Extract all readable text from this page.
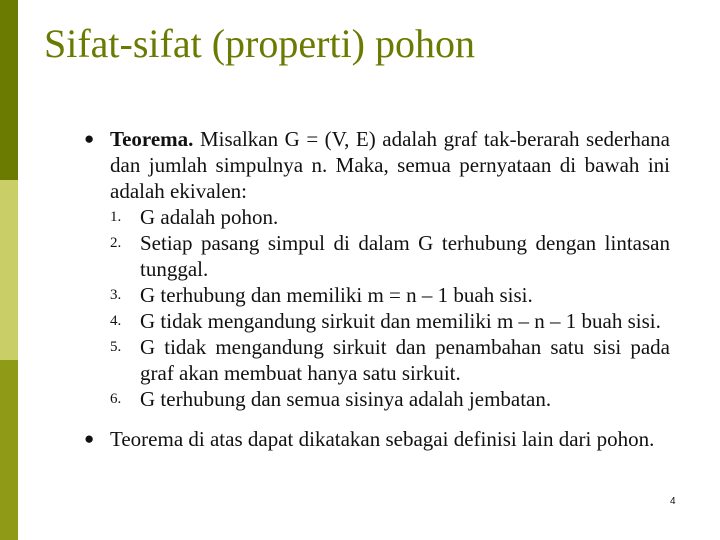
Sifat-sifat (properti) pohon
● Teorema. Misalkan G = (V, E) adalah graf tak-berarah sederhana dan jumlah simpulnya n. Maka, semua pernyataan di bawah ini adalah ekivalen:

1. G adalah pohon.

2. Setiap pasang simpul di dalam G terhubung dengan lintasan tunggal.

3. G terhubung dan memiliki m = n – 1 buah sisi.

4. G tidak mengandung sirkuit dan memiliki m – n – 1 buah sisi.

5. G tidak mengandung sirkuit dan penambahan satu sisi pada graf akan membuat hanya satu sirkuit.

6. G terhubung dan semua sisinya adalah jembatan.

● Teorema di atas dapat dikatakan sebagai definisi lain dari pohon.

4
